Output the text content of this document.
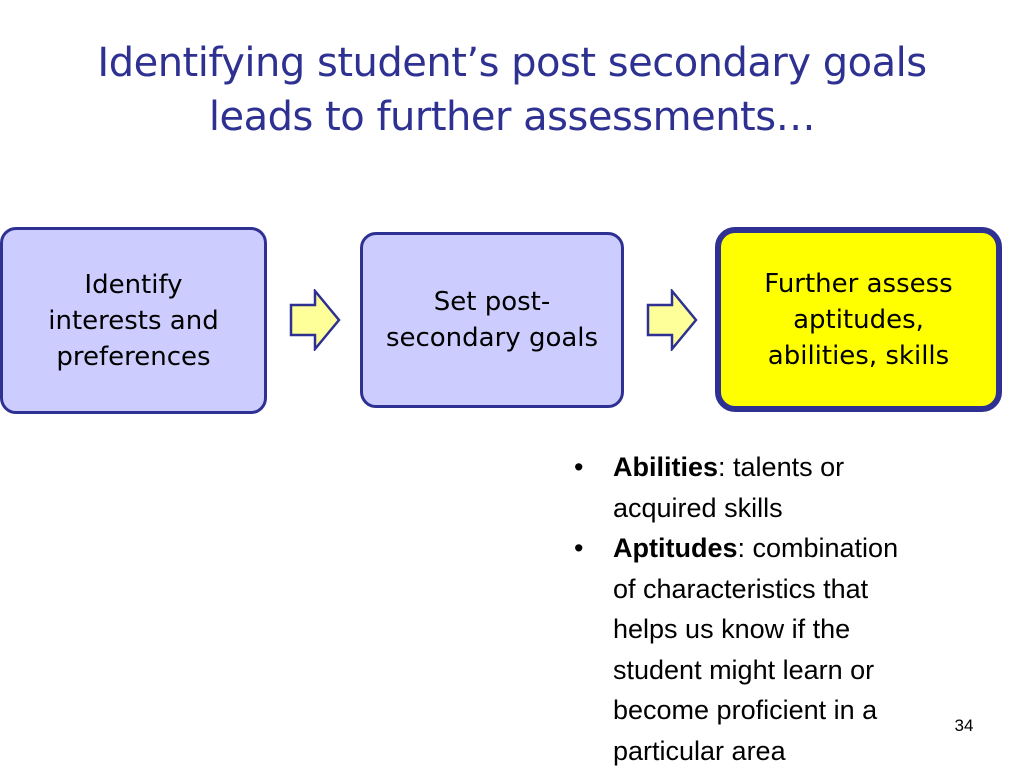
Identifying student’s post secondary goals
leads to further assessments…
Identify
interests and
preferences
Set post-
secondary goals
Further assess
aptitudes,
abilities, skills
• Abilities: talents or
acquired skills
• Aptitudes: combination
of characteristics that
helps us know if the
student might learn or
become proficient in a
particular area
34
